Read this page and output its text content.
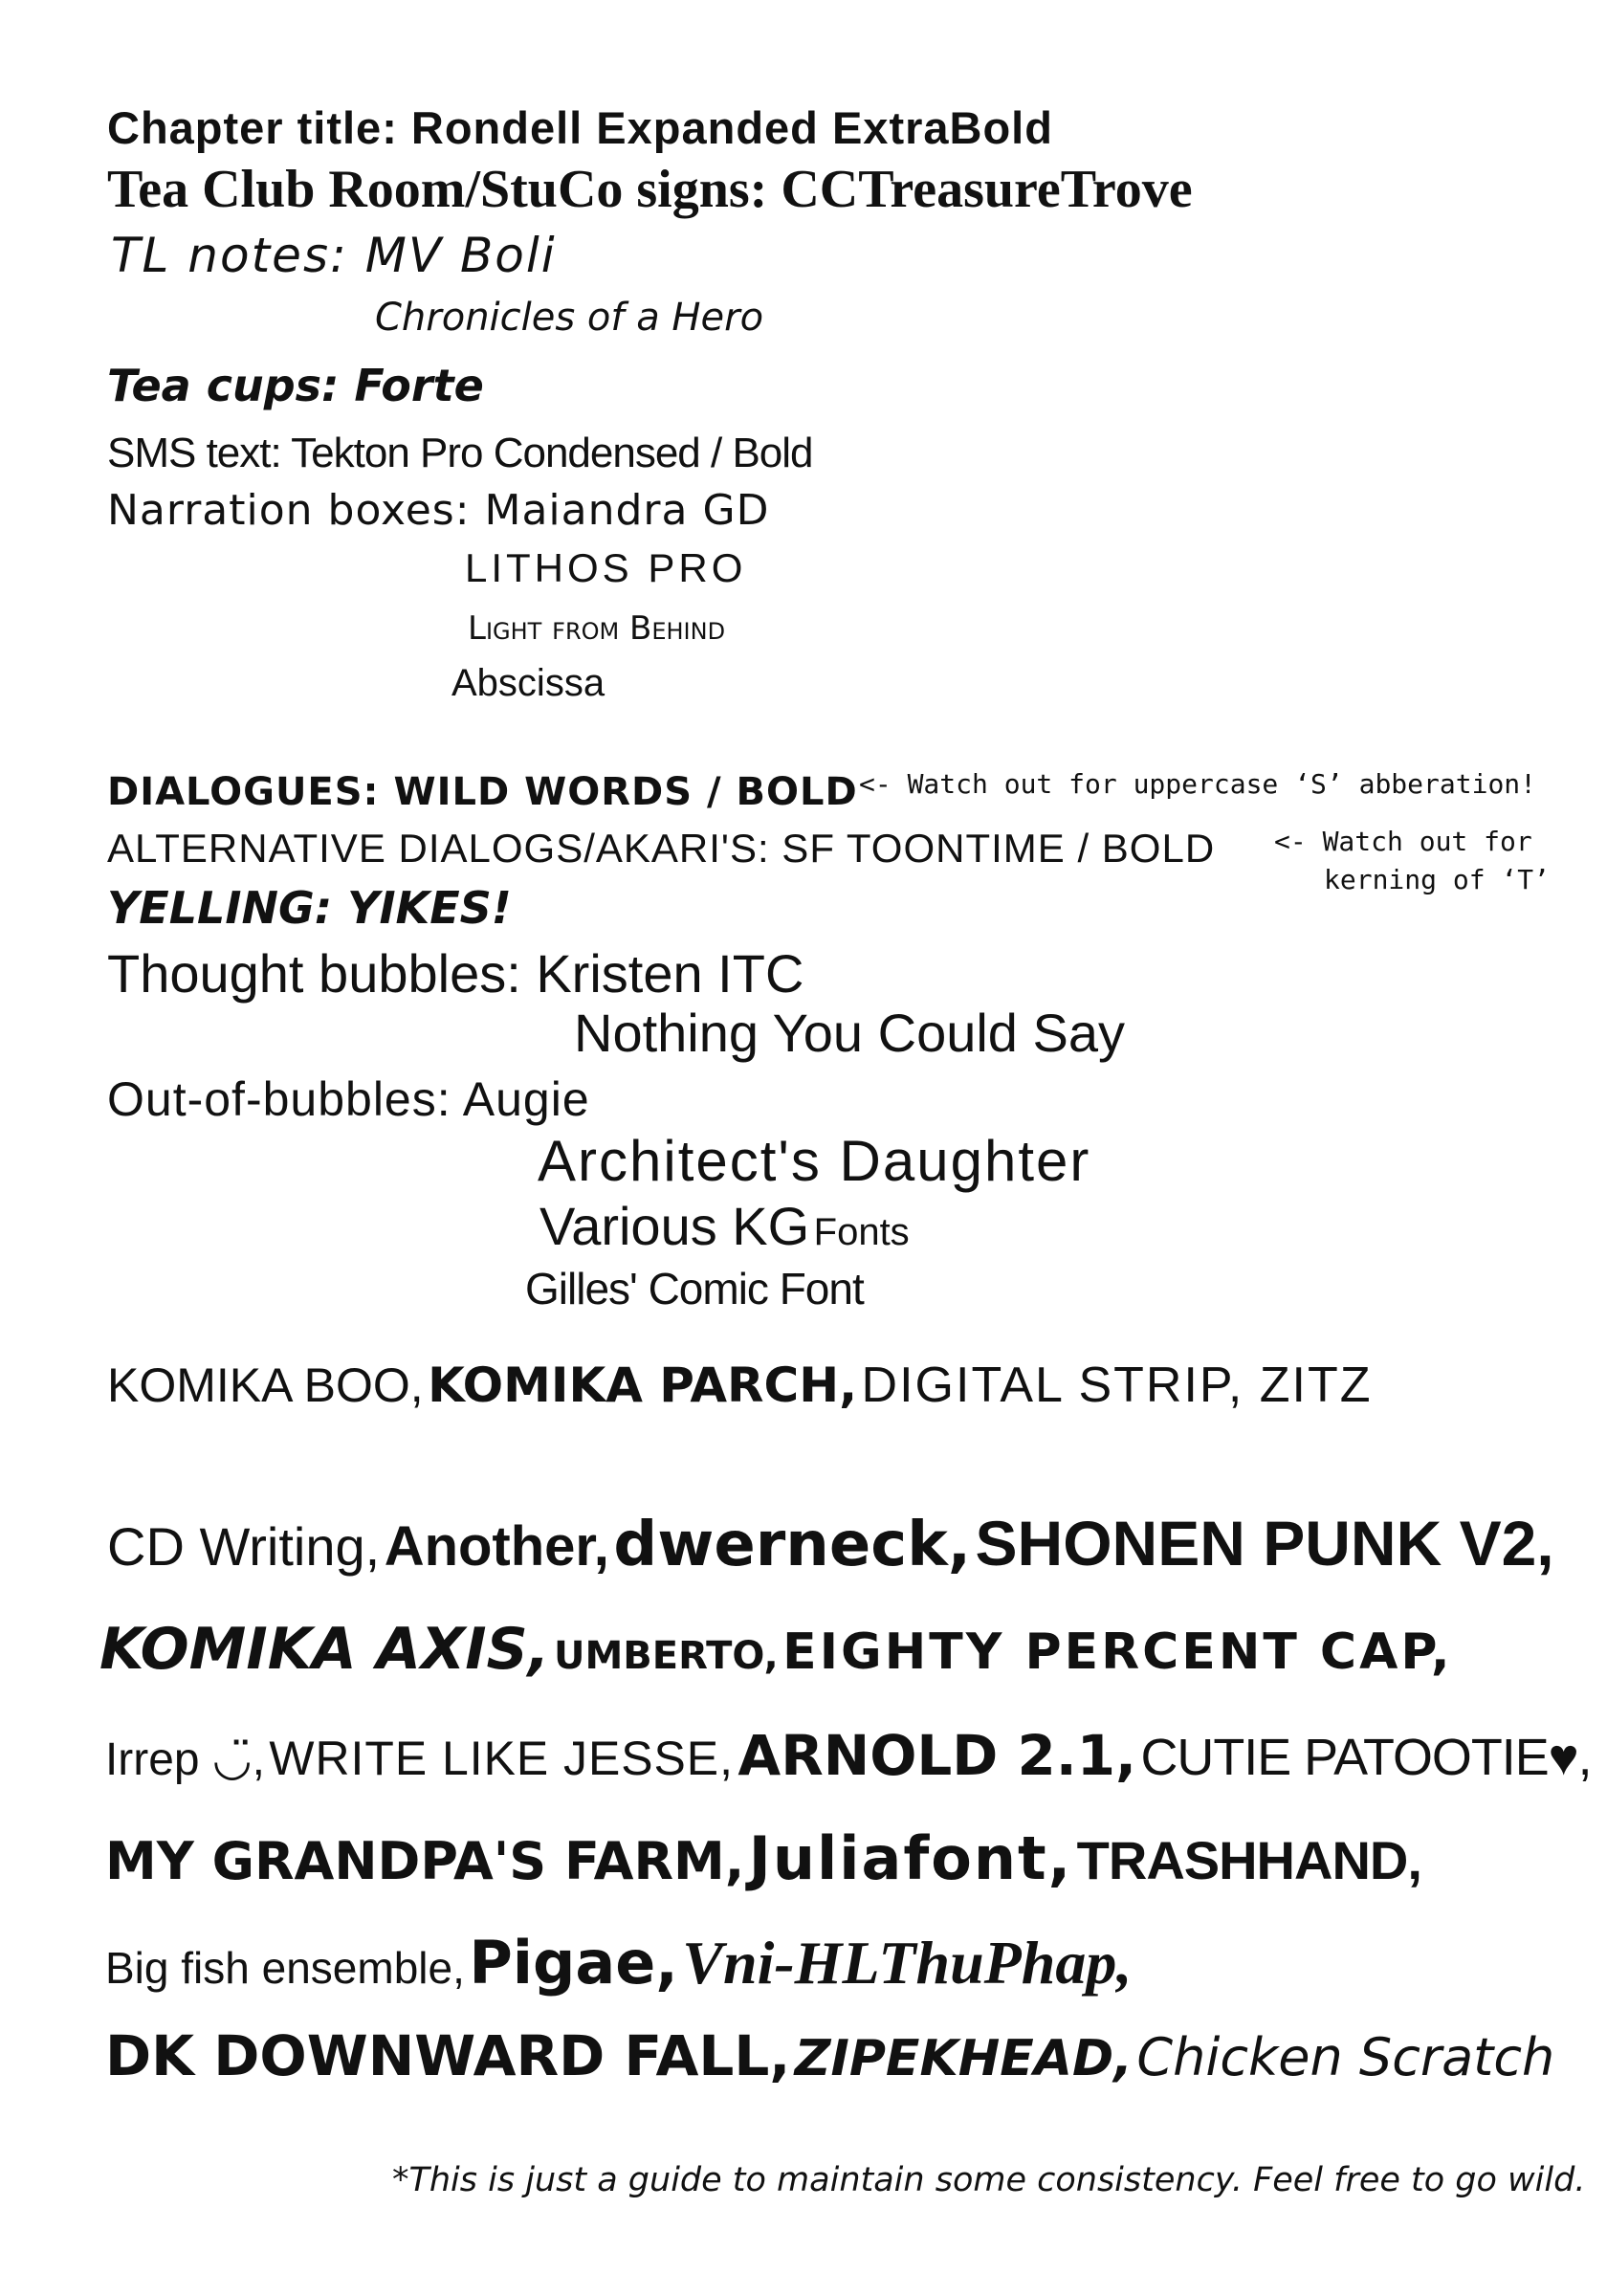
Chapter title: Rondell Expanded ExtraBold
Tea Club Room/StuCo signs: CCTreasureTrove
TL notes: MV Boli
Chronicles of a Hero
Tea cups: Forte
SMS text: Tekton Pro Condensed / Bold
Narration boxes: Maiandra GD
LITHOS PRO
Light from Behind
Abscissa
DIALOGUES: WILD WORDS / BOLD <- Watch out for uppercase ‘S’ abberation!
ALTERNATIVE DIALOGS/AKARI'S: SF TOONTIME / BOLD <- Watch out for
kerning of ‘T’
YELLING: YIKES!
Thought bubbles: Kristen ITC
Nothing You Could Say
Out-of-bubbles: Augie
Architect's Daughter
Various KG Fonts
Gilles' Comic Font
KOMIKA BOO, KOMIKA PARCH, DIGITAL STRIP, ZITZ
CD Writing, Another, dwerneck, SHONEN PUNK V2,
KOMIKA AXIS, UMBERTO, EIGHTY PERCENT CAP,
Irrep ◡̈, WRITE LIKE JESSE, ARNOLD 2.1, CUTIE PATOOTIE♥,
MY GRANDPA'S FARM, Juliafont, TRASHHAND,
Big fish ensemble, Pigae, Vni-HLThuPhap,
DK DOWNWARD FALL, ZIPEKHEAD, Chicken Scratch
*This is just a guide to maintain some consistency. Feel free to go wild.
